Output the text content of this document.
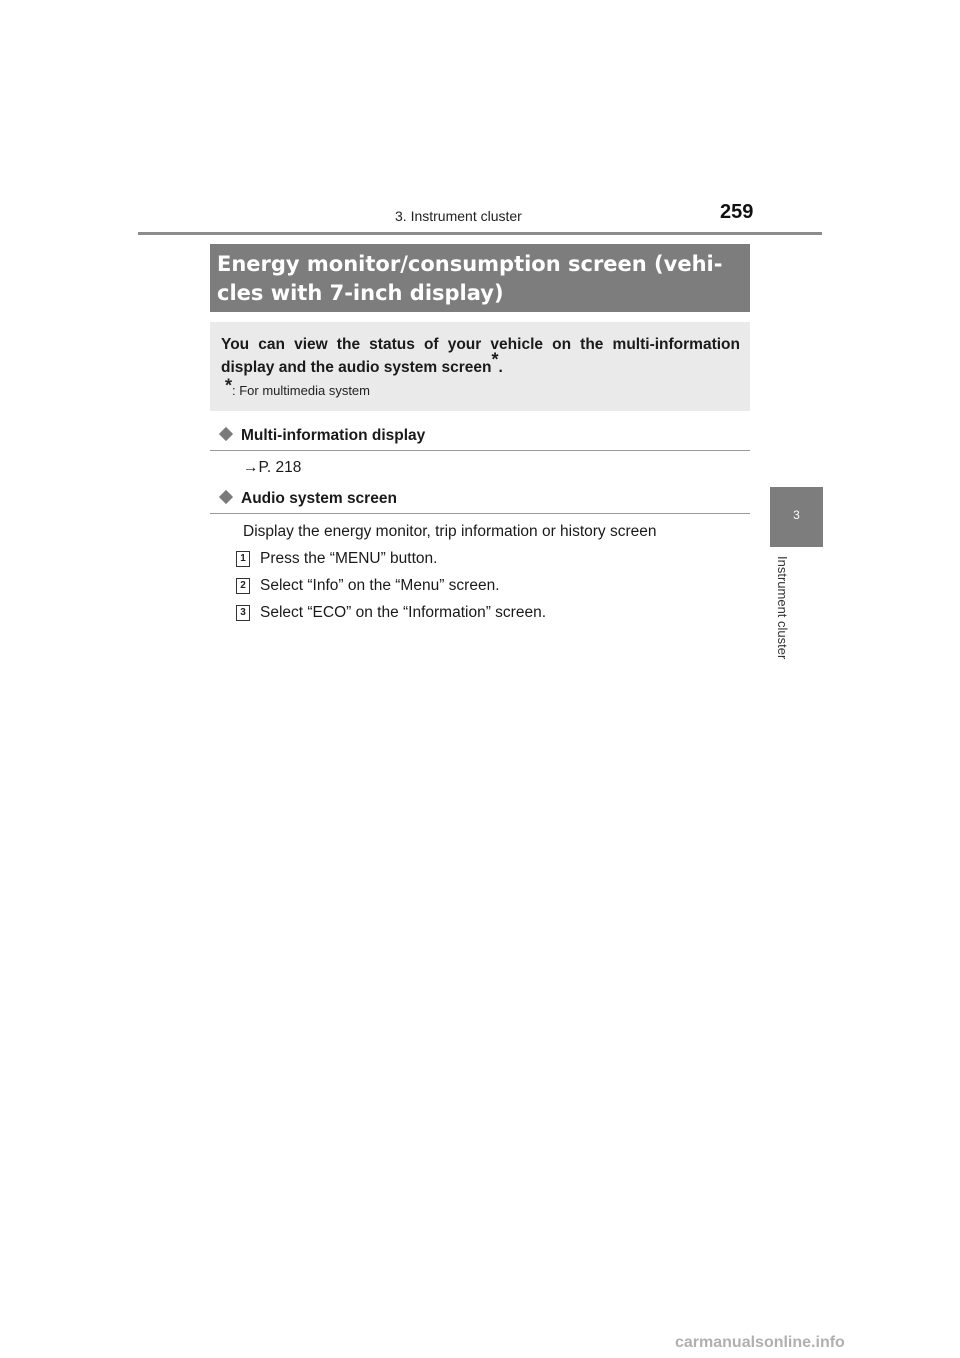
3. Instrument cluster	259
3
Instrument cluster
Energy monitor/consumption screen (vehi-
cles with 7-inch display)
You can view the status of your vehicle on the multi-information display and the audio system screen*.
*: For multimedia system
Multi-information display
→P. 218
Audio system screen
Display the energy monitor, trip information or history screen
1 Press the “MENU” button.
2 Select “Info” on the “Menu” screen.
3 Select “ECO” on the “Information” screen.
carmanualsonline.info
